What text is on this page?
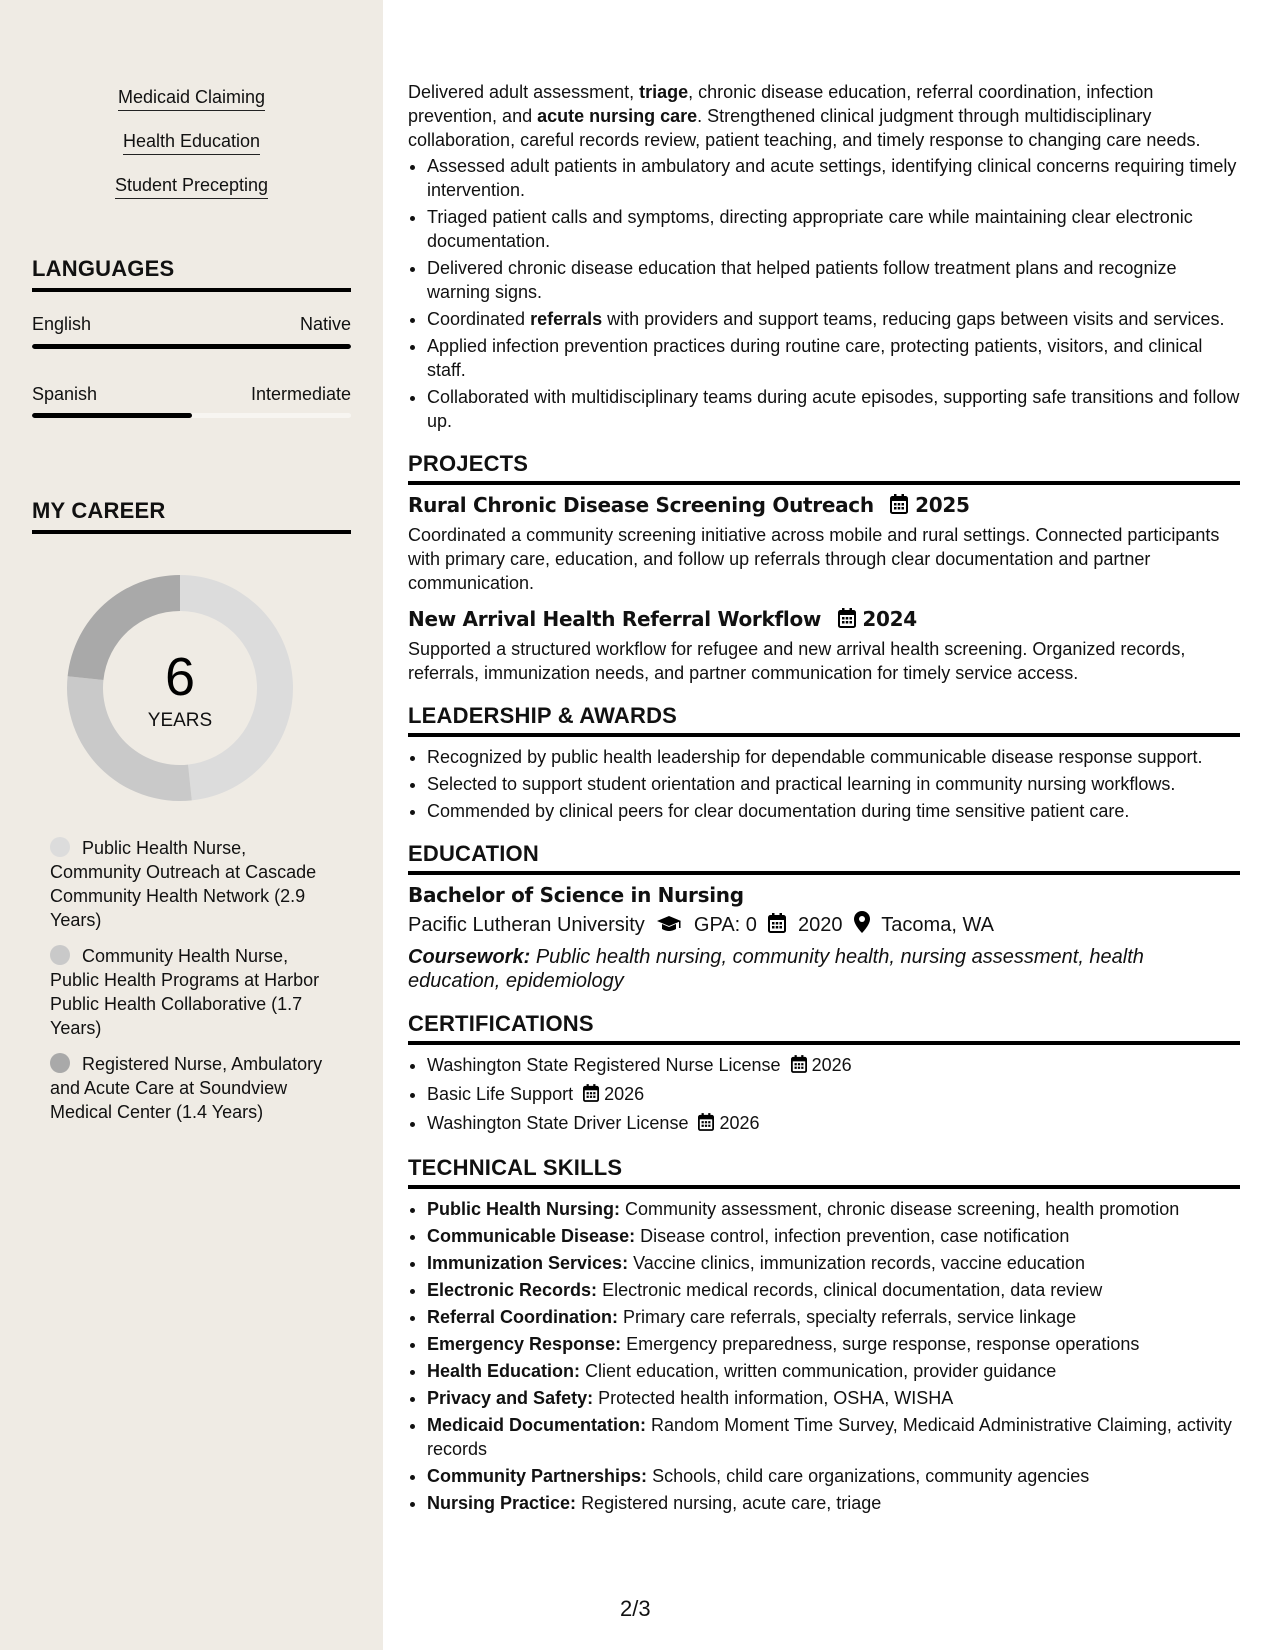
Medicaid Claiming
Health Education
Student Precepting
LANGUAGES
English	Native
Spanish	Intermediate
MY CAREER
6
YEARS
Public Health Nurse, Community Outreach at Cascade Community Health Network (2.9 Years)
Community Health Nurse, Public Health Programs at Harbor Public Health Collaborative (1.7 Years)
Registered Nurse, Ambulatory and Acute Care at Soundview Medical Center (1.4 Years)

Delivered adult assessment, triage, chronic disease education, referral coordination, infection prevention, and acute nursing care. Strengthened clinical judgment through multidisciplinary collaboration, careful records review, patient teaching, and timely response to changing care needs.

• Assessed adult patients in ambulatory and acute settings, identifying clinical concerns requiring timely intervention.
• Triaged patient calls and symptoms, directing appropriate care while maintaining clear electronic documentation.
• Delivered chronic disease education that helped patients follow treatment plans and recognize warning signs.
• Coordinated referrals with providers and support teams, reducing gaps between visits and services.
• Applied infection prevention practices during routine care, protecting patients, visitors, and clinical staff.
• Collaborated with multidisciplinary teams during acute episodes, supporting safe transitions and follow up.
PROJECTS
Rural Chronic Disease Screening Outreach 2025

Coordinated a community screening initiative across mobile and rural settings. Connected participants with primary care, education, and follow up referrals through clear documentation and partner communication.

New Arrival Health Referral Workflow 2024

Supported a structured workflow for refugee and new arrival health screening. Organized records, referrals, immunization needs, and partner communication for timely service access.

LEADERSHIP & AWARDS
• Recognized by public health leadership for dependable communicable disease response support.
• Selected to support student orientation and practical learning in community nursing workflows.
• Commended by clinical peers for clear documentation during time sensitive patient care.
EDUCATION
Bachelor of Science in Nursing
Pacific Lutheran University GPA: 0 2020 Tacoma, WA
Coursework: Public health nursing, community health, nursing assessment, health education, epidemiology
CERTIFICATIONS
• Washington State Registered Nurse License 2026
• Basic Life Support 2026
• Washington State Driver License 2026
TECHNICAL SKILLS
• Public Health Nursing: Community assessment, chronic disease screening, health promotion
• Communicable Disease: Disease control, infection prevention, case notification
• Immunization Services: Vaccine clinics, immunization records, vaccine education
• Electronic Records: Electronic medical records, clinical documentation, data review
• Referral Coordination: Primary care referrals, specialty referrals, service linkage
• Emergency Response: Emergency preparedness, surge response, response operations
• Health Education: Client education, written communication, provider guidance
• Privacy and Safety: Protected health information, OSHA, WISHA
• Medicaid Documentation: Random Moment Time Survey, Medicaid Administrative Claiming, activity records
• Community Partnerships: Schools, child care organizations, community agencies
• Nursing Practice: Registered nursing, acute care, triage
2/3
